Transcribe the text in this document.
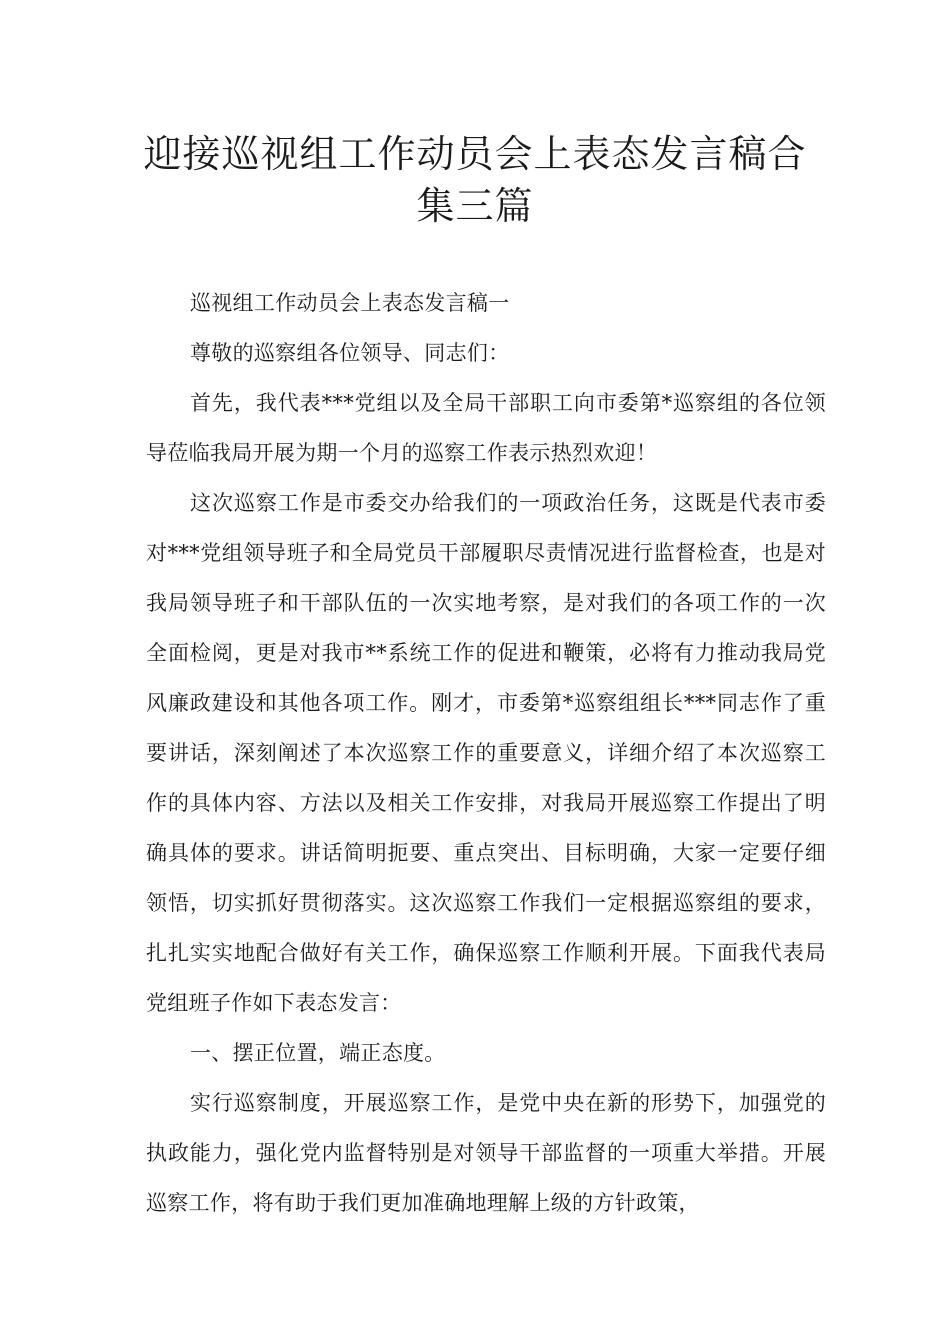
迎接巡视组工作动员会上表态发言稿合
集三篇

巡视组工作动员会上表态发言稿一

尊敬的巡察组各位领导、同志们：

首先，我代表***党组以及全局干部职工向市委第*巡察组的各位领导莅临我局开展为期一个月的巡察工作表示热烈欢迎！

这次巡察工作是市委交办给我们的一项政治任务，这既是代表市委对***党组领导班子和全局党员干部履职尽责情况进行监督检查，也是对我局领导班子和干部队伍的一次实地考察，是对我们的各项工作的一次全面检阅，更是对我市**系统工作的促进和鞭策，必将有力推动我局党风廉政建设和其他各项工作。刚才，市委第*巡察组组长***同志作了重要讲话，深刻阐述了本次巡察工作的重要意义，详细介绍了本次巡察工作的具体内容、方法以及相关工作安排，对我局开展巡察工作提出了明确具体的要求。讲话简明扼要、重点突出、目标明确，大家一定要仔细领悟，切实抓好贯彻落实。这次巡察工作我们一定根据巡察组的要求，扎扎实实地配合做好有关工作，确保巡察工作顺利开展。下面我代表局党组班子作如下表态发言：

一、摆正位置，端正态度。

实行巡察制度，开展巡察工作，是党中央在新的形势下，加强党的执政能力，强化党内监督特别是对领导干部监督的一项重大举措。开展巡察工作，将有助于我们更加准确地理解上级的方针政策，
